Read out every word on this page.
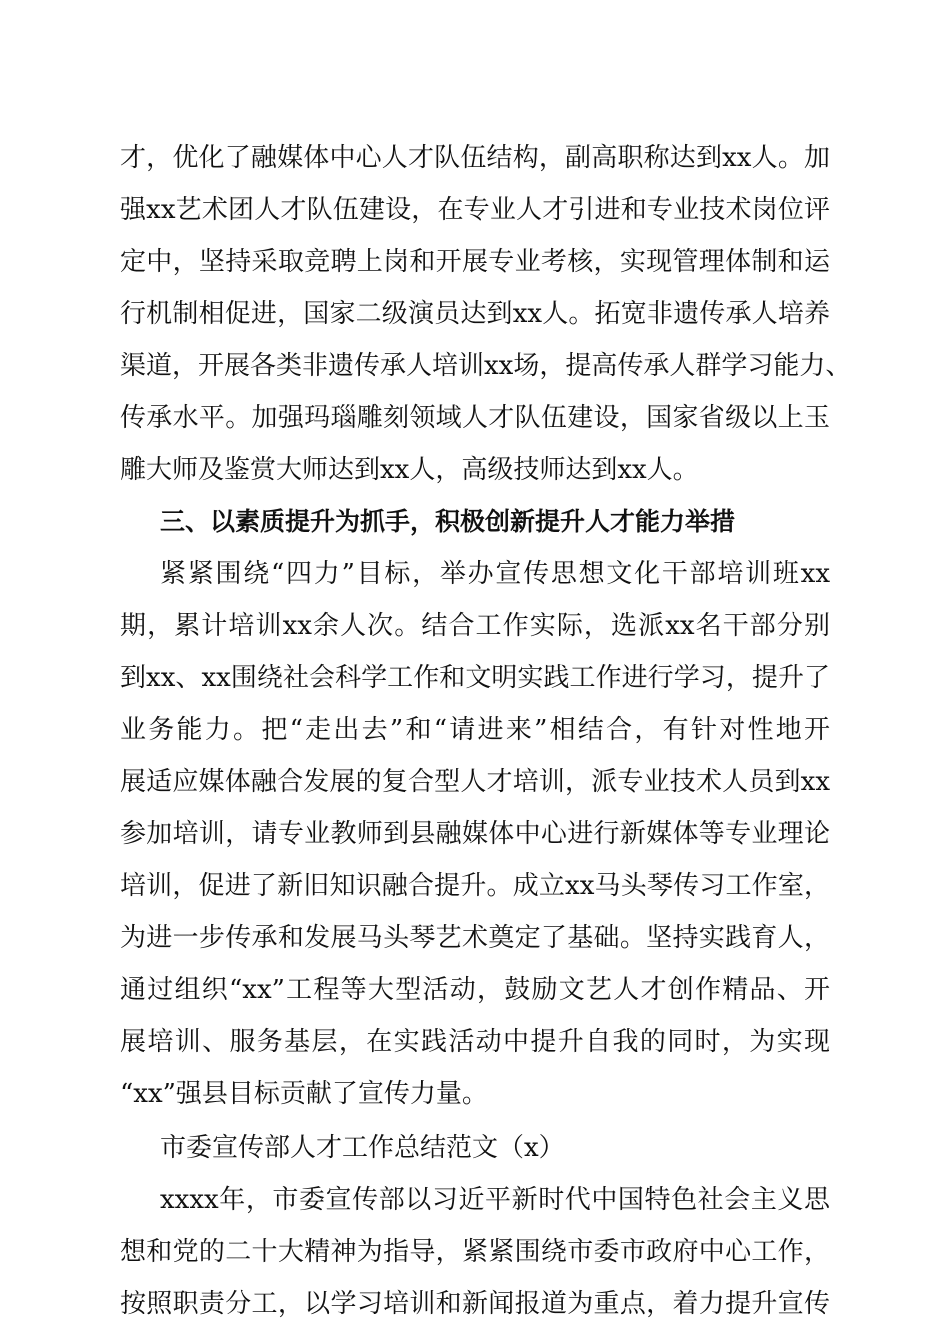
才，优化了融媒体中心人才队伍结构，副高职称达到xx人。加
强xx艺术团人才队伍建设，在专业人才引进和专业技术岗位评
定中，坚持采取竞聘上岗和开展专业考核，实现管理体制和运
行机制相促进，国家二级演员达到xx人。拓宽非遗传承人培养
渠道，开展各类非遗传承人培训xx场，提高传承人群学习能力、
传承水平。加强玛瑙雕刻领域人才队伍建设，国家省级以上玉
雕大师及鉴赏大师达到xx人，高级技师达到xx人。
三、以素质提升为抓手，积极创新提升人才能力举措
紧紧围绕“四力”目标，举办宣传思想文化干部培训班xx
期，累计培训xx余人次。结合工作实际，选派xx名干部分别
到xx、xx围绕社会科学工作和文明实践工作进行学习，提升了
业务能力。把“走出去”和“请进来”相结合，有针对性地开
展适应媒体融合发展的复合型人才培训，派专业技术人员到xx
参加培训，请专业教师到县融媒体中心进行新媒体等专业理论
培训，促进了新旧知识融合提升。成立xx马头琴传习工作室，
为进一步传承和发展马头琴艺术奠定了基础。坚持实践育人，
通过组织“xx”工程等大型活动，鼓励文艺人才创作精品、开
展培训、服务基层，在实践活动中提升自我的同时，为实现
“xx”强县目标贡献了宣传力量。
市委宣传部人才工作总结范文（x）
xxxx年，市委宣传部以习近平新时代中国特色社会主义思
想和党的二十大精神为指导，紧紧围绕市委市政府中心工作，
按照职责分工，以学习培训和新闻报道为重点，着力提升宣传
